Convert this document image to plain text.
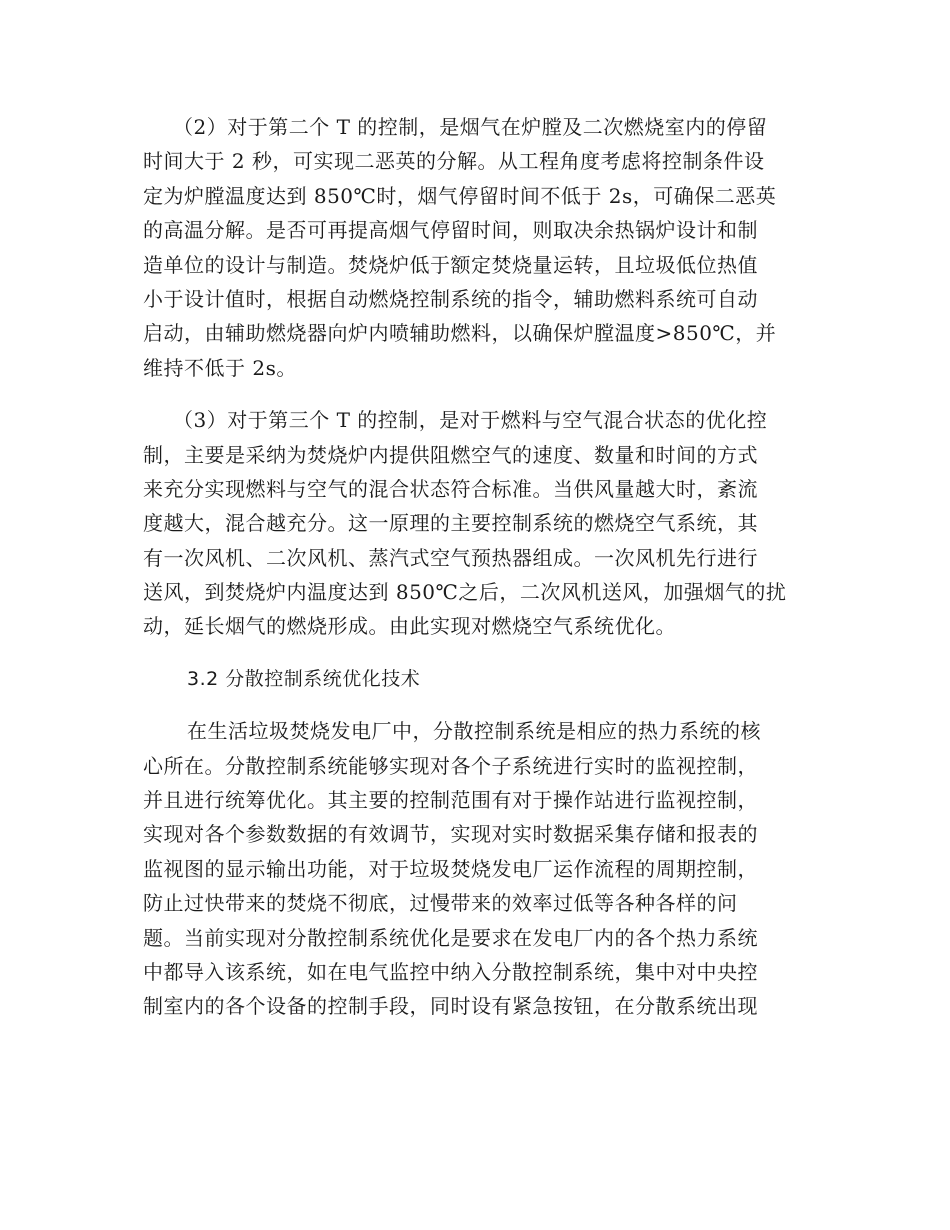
（2）对于第二个 T 的控制，是烟气在炉膛及二次燃烧室内的停留
时间大于 2 秒，可实现二恶英的分解。从工程角度考虑将控制条件设
定为炉膛温度达到 850℃时，烟气停留时间不低于 2s，可确保二恶英
的高温分解。是否可再提高烟气停留时间，则取决余热锅炉设计和制
造单位的设计与制造。焚烧炉低于额定焚烧量运转，且垃圾低位热值
小于设计值时，根据自动燃烧控制系统的指令，辅助燃料系统可自动
启动，由辅助燃烧器向炉内喷辅助燃料，以确保炉膛温度>850℃，并
维持不低于 2s。
（3）对于第三个 T 的控制，是对于燃料与空气混合状态的优化控
制，主要是采纳为焚烧炉内提供阻燃空气的速度、数量和时间的方式
来充分实现燃料与空气的混合状态符合标准。当供风量越大时，紊流
度越大，混合越充分。这一原理的主要控制系统的燃烧空气系统，其
有一次风机、二次风机、蒸汽式空气预热器组成。一次风机先行进行
送风，到焚烧炉内温度达到 850℃之后，二次风机送风，加强烟气的扰
动，延长烟气的燃烧形成。由此实现对燃烧空气系统优化。
3.2 分散控制系统优化技术
在生活垃圾焚烧发电厂中，分散控制系统是相应的热力系统的核
心所在。分散控制系统能够实现对各个子系统进行实时的监视控制，
并且进行统筹优化。其主要的控制范围有对于操作站进行监视控制，
实现对各个参数数据的有效调节，实现对实时数据采集存储和报表的
监视图的显示输出功能，对于垃圾焚烧发电厂运作流程的周期控制，
防止过快带来的焚烧不彻底，过慢带来的效率过低等各种各样的问
题。当前实现对分散控制系统优化是要求在发电厂内的各个热力系统
中都导入该系统，如在电气监控中纳入分散控制系统，集中对中央控
制室内的各个设备的控制手段，同时设有紧急按钮，在分散系统出现
